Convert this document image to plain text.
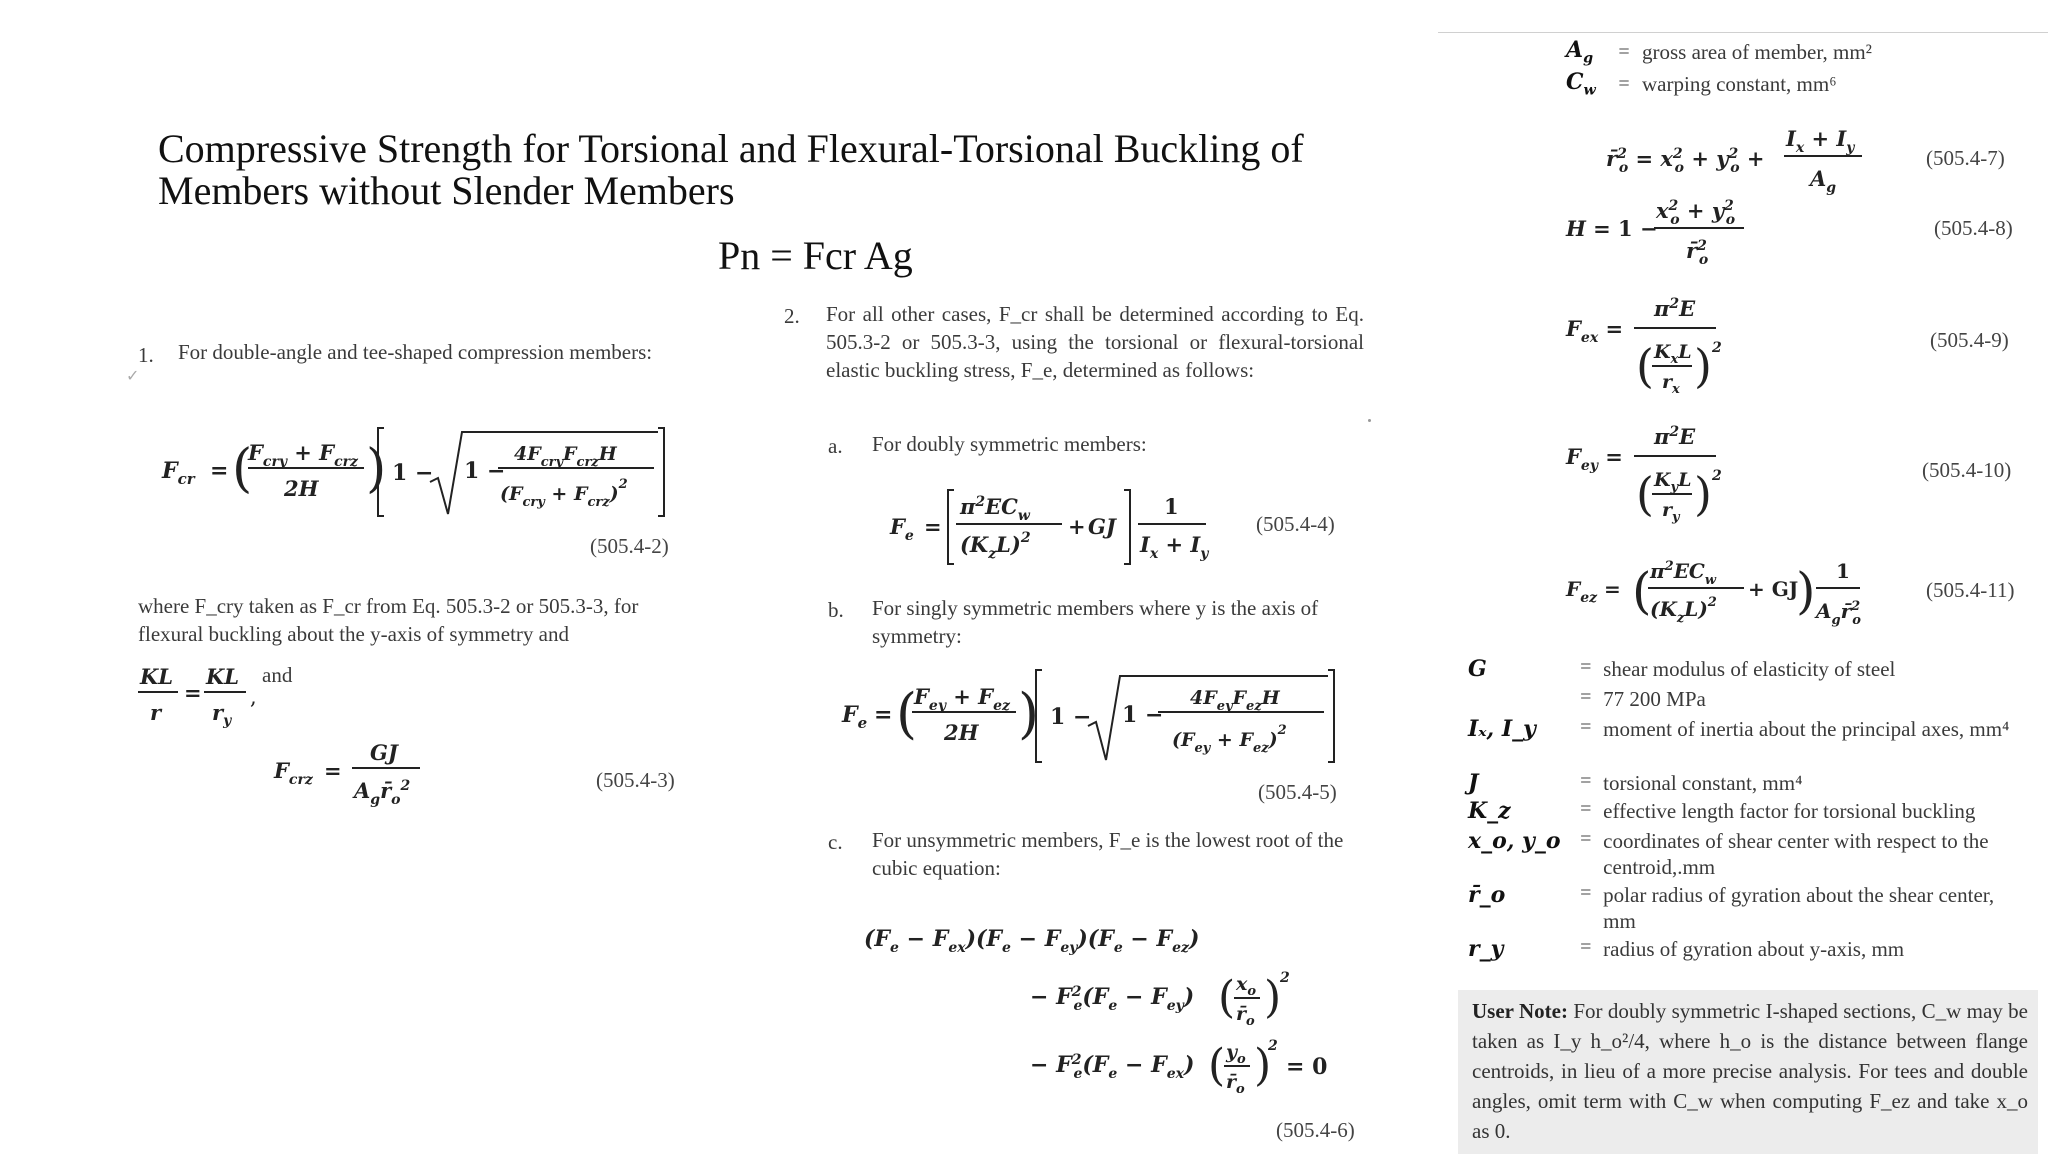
Compressive Strength for Torsional and Flexural-Torsional Buckling of Members without Slender Members
Pn = Fcr Ag
✓
1. For double-angle and tee-shaped compression members:
$F_{cr}$ = (
$F_{cry} + F_{crz}$
2H ) 1 − 1 −
$4F_{cry}F_{crz}H$
$(F_{cry} + F_{crz})^2$
(505.4-2)
where F_cry taken as F_cr from Eq. 505.3-2 or 505.3-3, for flexural buckling about the y-axis of symmetry and
KL
r
=
KL
$r_y$
,
and
$F_{crz}$ =
GJ
$A_gr̄_o^2$	(505.4-3)
2. For all other cases, F_cr shall be determined according to Eq. 505.3-2 or 505.3-3, using the torsional or flexural-torsional elastic buckling stress, F_e, determined as follows:
a. For doubly symmetric members:
$F_e$ =
$\pi^2EC_w$
$(K_zL)^2$ + GJ
1
$I_x + I_y$
(505.4-4)
b. For singly symmetric members where y is the axis of symmetry:
$F_e$ = (
$F_{ey} + F_{ez}$
2H ) 1 − 1 −
$4F_{ey}F_{ez}H$
$(F_{ey} + F_{ez})^2$
(505.4-5)
c. For unsymmetric members, F_e is the lowest root of the cubic equation:
$(F_e - F_{ex})(F_e - F_{ey})(F_e - F_{ez})$
− $F^2$ $e(F_e - F_{ey})$ ( $x_o$
$r̄_o$ )
2
− $F^2$ $e(F_e - F_{ex})$ ( $y_o$
$r̄_o$ )
2
= 0
(505.4-6)
$A_g$	= gross area of member, mm²
$C_w$	= warping constant, mm⁶
r̄$^2$ $o = x^2$ $o + y^2$ o +
$I_x + I_y$
$A_g$
(505.4-7)
H = 1 −
$x^2$ $o + y^2$ o
r̄$^2$ o
(505.4-8)
$F_{ex}$ =
$\pi^2E$
( $K_xL$
$r_x$ ) 2	(505.4-9)
$F_{ey}$ =
$\pi^2E$
( $K_yL$
$r_y$ ) 2	(505.4-10)
$F_{ez}$ = (
$\pi^2EC_w$
$(K_zL)^2$
+ GJ
) 1
$A_gr̄^2$ o
(505.4-11)
G	= shear modulus of elasticity of steel
= 77 200 MPa
Iₓ, I_y	= moment of inertia about the principal axes, mm⁴
J	= torsional constant, mm⁴
K_z	= effective length factor for torsional buckling
x_o, y_o = coordinates of shear center with respect to the centroid,.mm
r̄_o	= polar radius of gyration about the shear center, mm
r_y	= radius of gyration about y-axis, mm
User Note: For doubly symmetric I-shaped sections, C_w may be taken as I_y h_o²/4, where h_o is the distance between flange centroids, in lieu of a more precise analysis. For tees and double angles, omit term with C_w when computing F_ez and take x_o as 0.
